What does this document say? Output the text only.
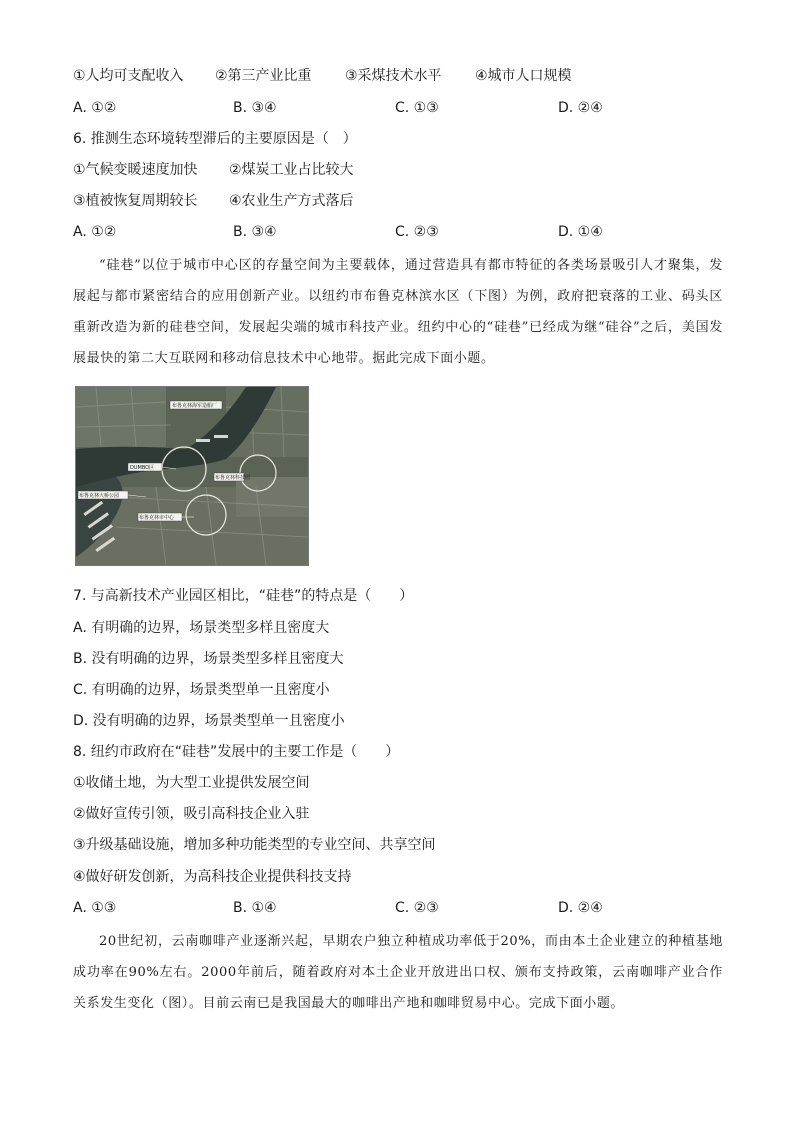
①人均可支配收入 ②第三产业比重 ③采煤技术水平 ④城市人口规模
A. ①②	B. ③④	C. ①③	D. ②④
6. 推测生态环境转型滞后的主要原因是（　）
①气候变暖速度加快 ②煤炭工业占比较大
③植被恢复周期较长 ④农业生产方式落后
A. ①②	B. ③④	C. ②③	D. ①④

“硅巷”以位于城市中心区的存量空间为主要载体，通过营造具有都市特征的各类场景吸引人才聚集，发展起与都市紧密结合的应用创新产业。以纽约市布鲁克林滨水区（下图）为例，政府把衰落的工业、码头区重新改造为新的硅巷空间，发展起尖端的城市科技产业。纽约中心的“硅巷”已经成为继“硅谷”之后，美国发展最快的第二大互联网和移动信息技术中心地带。据此完成下面小题。

布鲁克林海军造船厂
DUMBO区
布鲁克林科技园
布鲁克林大桥公园
布鲁克林市中心
7. 与高新技术产业园区相比，“硅巷”的特点是（　　）
A. 有明确的边界，场景类型多样且密度大
B. 没有明确的边界，场景类型多样且密度大
C. 有明确的边界，场景类型单一且密度小
D. 没有明确的边界，场景类型单一且密度小
8. 纽约市政府在“硅巷”发展中的主要工作是（　　）
①收储土地，为大型工业提供发展空间
②做好宣传引领，吸引高科技企业入驻
③升级基础设施，增加多种功能类型的专业空间、共享空间
④做好研发创新，为高科技企业提供科技支持
A. ①③	B. ①④	C. ②③	D. ②④

20世纪初，云南咖啡产业逐渐兴起，早期农户独立种植成功率低于20%，而由本土企业建立的种植基地成功率在90%左右。2000年前后，随着政府对本土企业开放进出口权、颁布支持政策，云南咖啡产业合作关系发生变化（图）。目前云南已是我国最大的咖啡出产地和咖啡贸易中心。完成下面小题。
